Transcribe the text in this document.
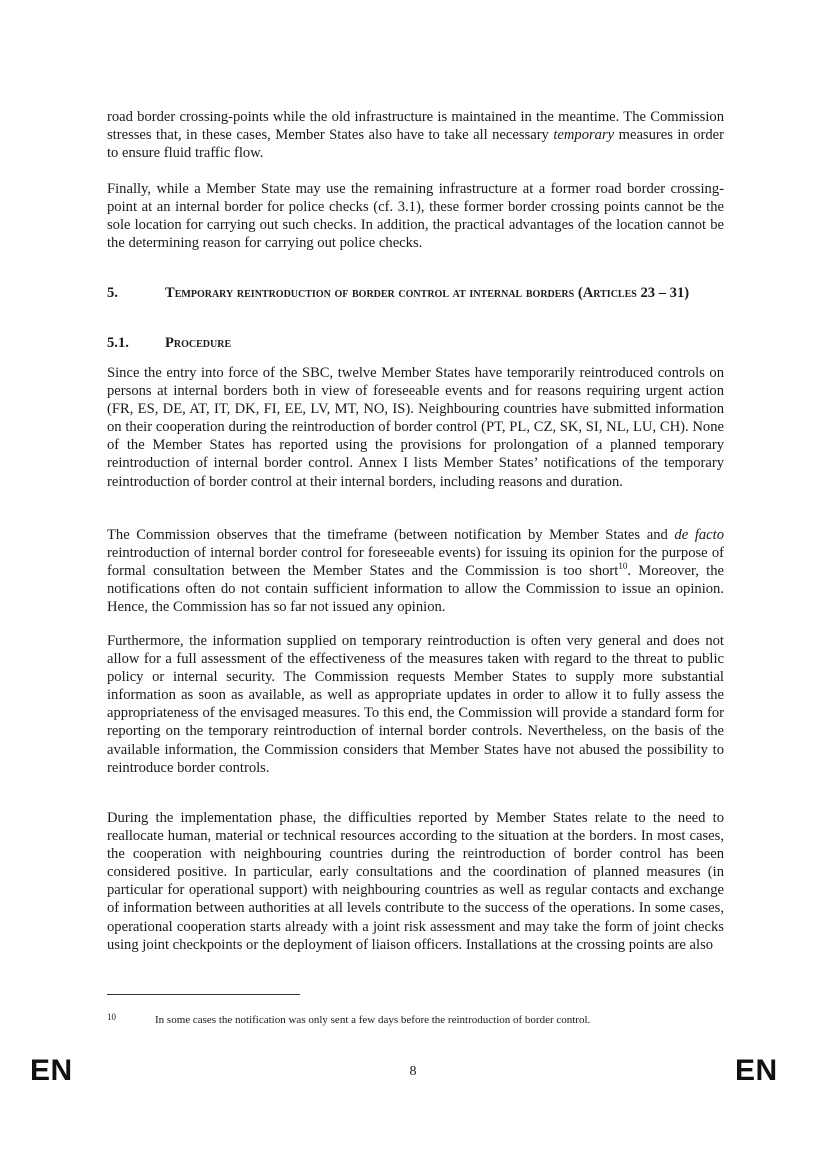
road border crossing-points while the old infrastructure is maintained in the meantime. The Commission stresses that, in these cases, Member States also have to take all necessary temporary measures in order to ensure fluid traffic flow.

Finally, while a Member State may use the remaining infrastructure at a former road border crossing-point at an internal border for police checks (cf. 3.1), these former border crossing points cannot be the sole location for carrying out such checks. In addition, the practical advantages of the location cannot be the determining reason for carrying out police checks.

5.	Temporary reintroduction of border control at internal borders (Articles 23 – 31)
5.1. Procedure

Since the entry into force of the SBC, twelve Member States have temporarily reintroduced controls on persons at internal borders both in view of foreseeable events and for reasons requiring urgent action (FR, ES, DE, AT, IT, DK, FI, EE, LV, MT, NO, IS). Neighbouring countries have submitted information on their cooperation during the reintroduction of border control (PT, PL, CZ, SK, SI, NL, LU, CH). None of the Member States has reported using the provisions for prolongation of a planned temporary reintroduction of internal border control. Annex I lists Member States’ notifications of the temporary reintroduction of border control at their internal borders, including reasons and duration.

The Commission observes that the timeframe (between notification by Member States and de facto reintroduction of internal border control for foreseeable events) for issuing its opinion for the purpose of formal consultation between the Member States and the Commission is too short$^{10}$. Moreover, the notifications often do not contain sufficient information to allow the Commission to issue an opinion. Hence, the Commission has so far not issued any opinion.

Furthermore, the information supplied on temporary reintroduction is often very general and does not allow for a full assessment of the effectiveness of the measures taken with regard to the threat to public policy or internal security. The Commission requests Member States to supply more substantial information as soon as available, as well as appropriate updates in order to allow it to fully assess the appropriateness of the envisaged measures. To this end, the Commission will provide a standard form for reporting on the temporary reintroduction of internal border controls. Nevertheless, on the basis of the available information, the Commission considers that Member States have not abused the possibility to reintroduce border controls.

During the implementation phase, the difficulties reported by Member States relate to the need to reallocate human, material or technical resources according to the situation at the borders. In most cases, the cooperation with neighbouring countries during the reintroduction of border control has been considered positive. In particular, early consultations and the coordination of planned measures (in particular for operational support) with neighbouring countries as well as regular contacts and exchange of information between authorities at all levels contribute to the success of the operations. In some cases, operational cooperation starts already with a joint risk assessment and may take the form of joint checks using joint checkpoints or the deployment of liaison officers. Installations at the crossing points are also

10	In some cases the notification was only sent a few days before the reintroduction of border control.
EN	8	EN
